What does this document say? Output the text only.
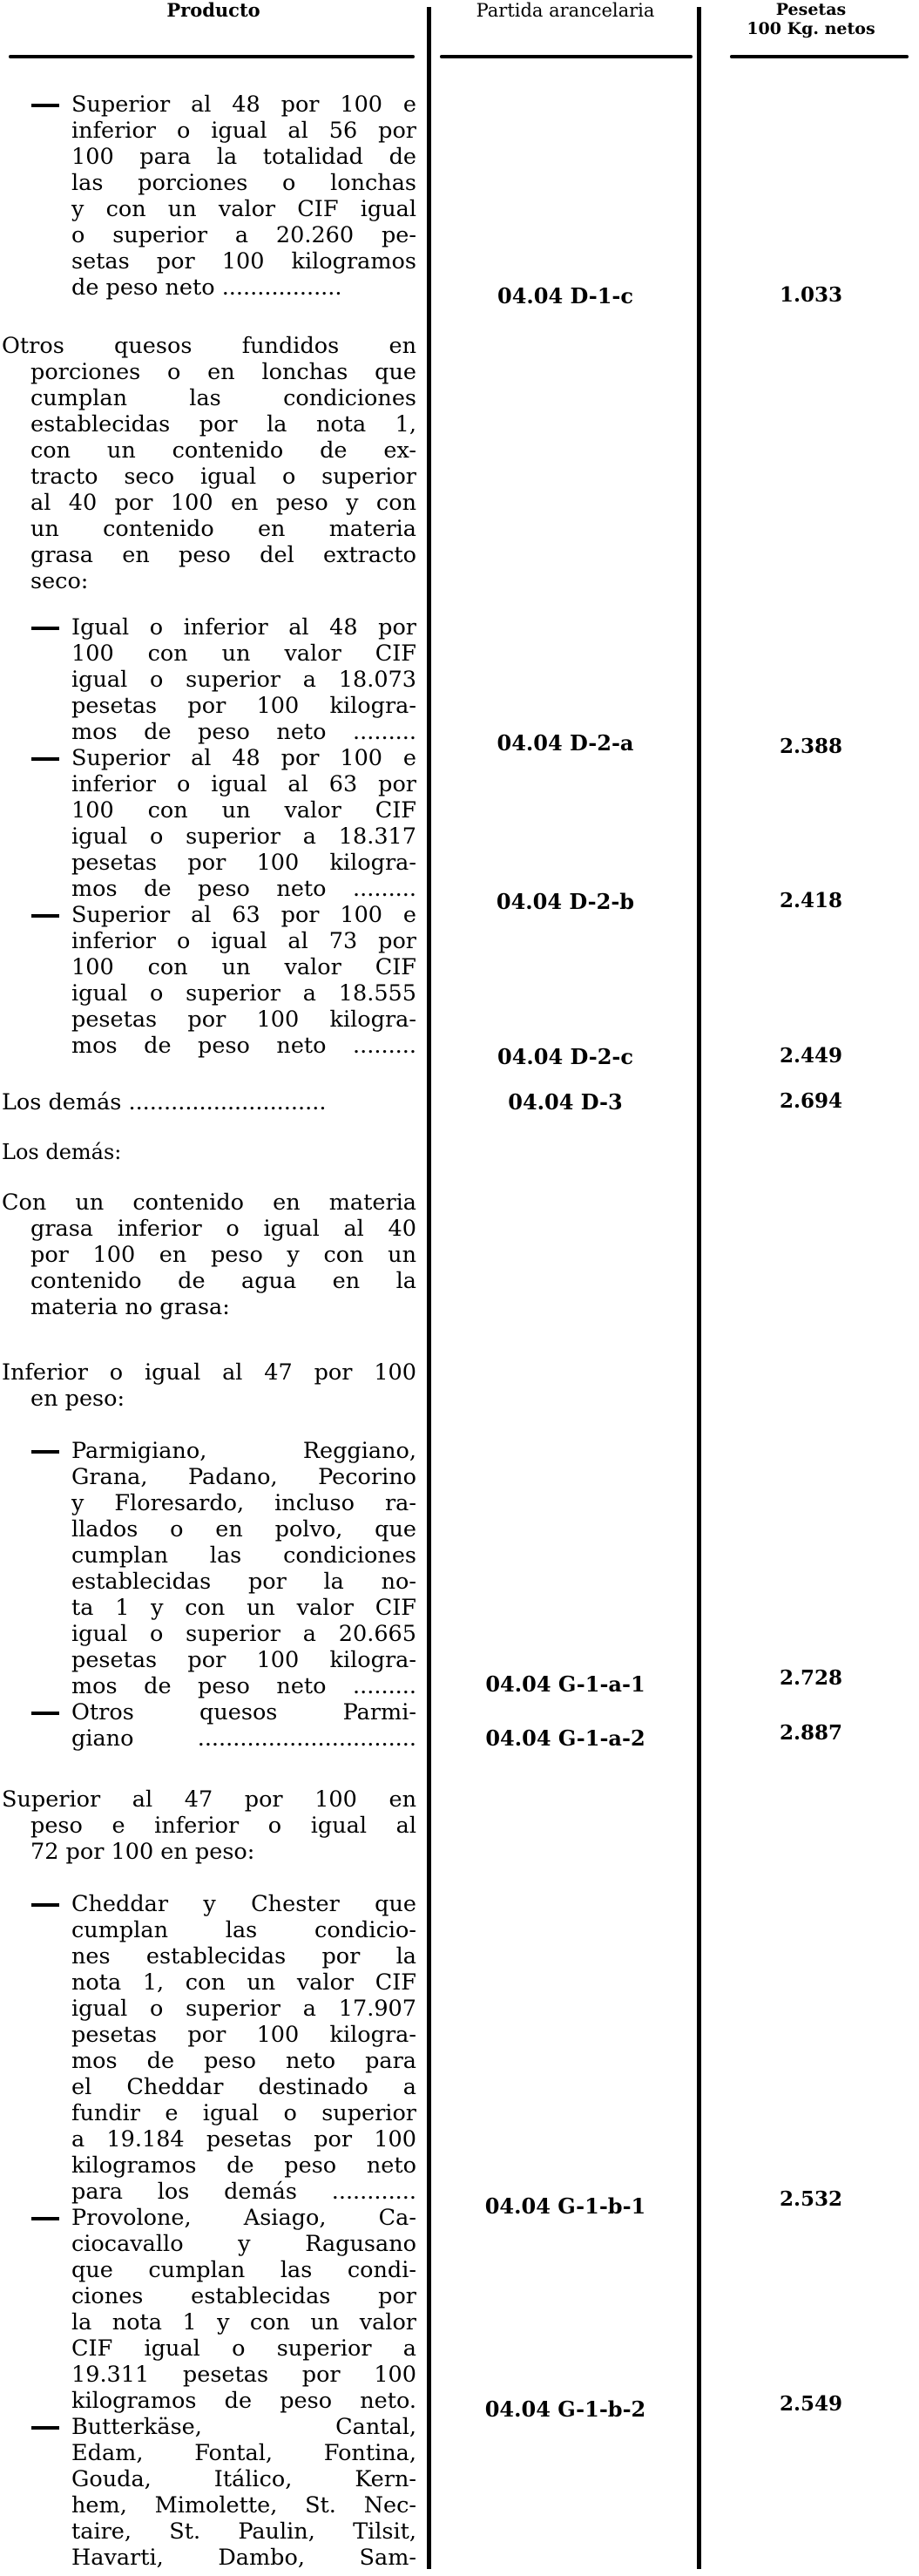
Producto	Partida arancelaria	Pesetas
100 Kg. netos
Superior al 48 por 100 e
inferior o igual al 56 por
100 para la totalidad de
las porciones o lonchas
y con un valor CIF igual
o superior a 20.260 pe-
setas por 100 kilogramos
de peso neto .................	04.04 D-1-c	1.033
Otros quesos fundidos en
porciones o en lonchas que
cumplan las condiciones
establecidas por la nota 1,
con un contenido de ex-
tracto seco igual o superior
al 40 por 100 en peso y con
un contenido en materia
grasa en peso del extracto
seco:
Igual o inferior al 48 por
100 con un valor CIF
igual o superior a 18.073
pesetas por 100 kilogra-
mos de peso neto .........	04.04 D-2-a	2.388
Superior al 48 por 100 e
inferior o igual al 63 por
100 con un valor CIF
igual o superior a 18.317
pesetas por 100 kilogra-
mos de peso neto .........	04.04 D-2-b	2.418
Superior al 63 por 100 e
inferior o igual al 73 por
100 con un valor CIF
igual o superior a 18.555
pesetas por 100 kilogra-
mos de peso neto .........	04.04 D-2-c	2.449
Los demás ............................	04.04 D-3	2.694
Los demás:
Con un contenido en materia
grasa inferior o igual al 40
por 100 en peso y con un
contenido de agua en la
materia no grasa:
Inferior o igual al 47 por 100
en peso:
Parmigiano, Reggiano,
Grana, Padano, Pecorino
y Floresardo, incluso ra-
llados o en polvo, que
cumplan las condiciones
establecidas por la no-
ta 1 y con un valor CIF
igual o superior a 20.665
pesetas por 100 kilogra-
mos de peso neto .........	04.04 G-1-a-1	2.728
Otros quesos Parmi-
giano ...............................	04.04 G-1-a-2	2.887
Superior al 47 por 100 en
peso e inferior o igual al
72 por 100 en peso:
Cheddar y Chester que
cumplan las condicio-
nes establecidas por la
nota 1, con un valor CIF
igual o superior a 17.907
pesetas por 100 kilogra-
mos de peso neto para
el Cheddar destinado a
fundir e igual o superior
a 19.184 pesetas por 100
kilogramos de peso neto
para los demás ............
04.04 G-1-b-1	2.532
Provolone, Asiago, Ca-
ciocavallo y Ragusano
que cumplan las condi-
ciones establecidas por
la nota 1 y con un valor
CIF igual o superior a
19.311 pesetas por 100
kilogramos de peso neto.	04.04 G-1-b-2	2.549
Butterkäse, Cantal,
Edam, Fontal, Fontina,
Gouda, Itálico, Kern-
hem, Mimolette, St. Nec-
taire, St. Paulin, Tilsit,
Havarti, Dambo, Sam-
